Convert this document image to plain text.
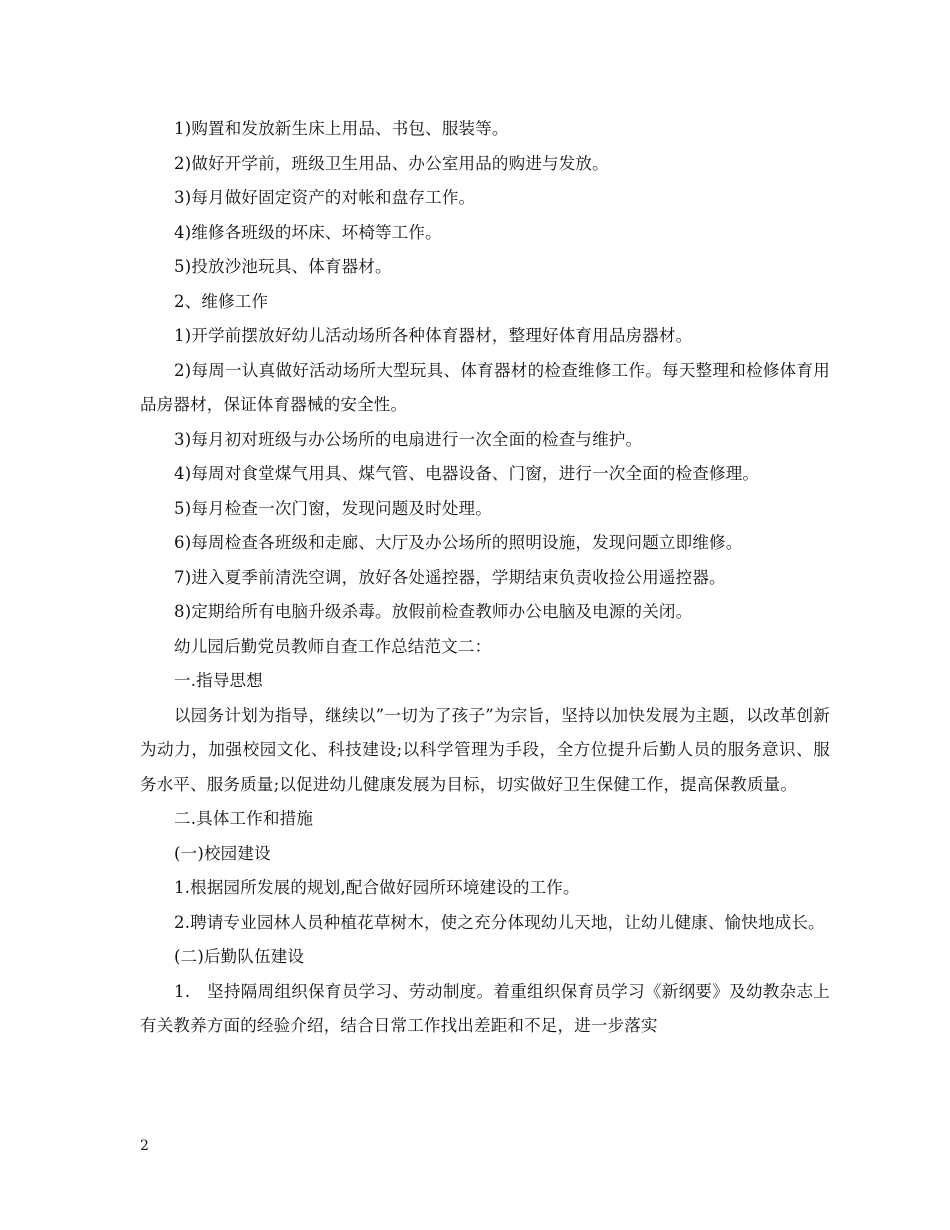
1)购置和发放新生床上用品、书包、服装等。

2)做好开学前，班级卫生用品、办公室用品的购进与发放。

3)每月做好固定资产的对帐和盘存工作。

4)维修各班级的坏床、坏椅等工作。

5)投放沙池玩具、体育器材。

2、维修工作

1)开学前摆放好幼儿活动场所各种体育器材，整理好体育用品房器材。

2)每周一认真做好活动场所大型玩具、体育器材的检查维修工作。每天整理和检修体育用品房器材，保证体育器械的安全性。

3)每月初对班级与办公场所的电扇进行一次全面的检查与维护。

4)每周对食堂煤气用具、煤气管、电器设备、门窗，进行一次全面的检查修理。

5)每月检查一次门窗，发现问题及时处理。

6)每周检查各班级和走廊、大厅及办公场所的照明设施，发现问题立即维修。

7)进入夏季前清洗空调，放好各处遥控器，学期结束负责收捡公用遥控器。

8)定期给所有电脑升级杀毒。放假前检查教师办公电脑及电源的关闭。

幼儿园后勤党员教师自查工作总结范文二：

一.指导思想

以园务计划为指导，继续以”一切为了孩子”为宗旨，坚持以加快发展为主题，以改革创新为动力，加强校园文化、科技建设;以科学管理为手段，全方位提升后勤人员的服务意识、服务水平、服务质量;以促进幼儿健康发展为目标，切实做好卫生保健工作，提高保教质量。

二.具体工作和措施

(一)校园建设

1.根据园所发展的规划,配合做好园所环境建设的工作。

2.聘请专业园林人员种植花草树木，使之充分体现幼儿天地，让幼儿健康、愉快地成长。

(二)后勤队伍建设

1.　坚持隔周组织保育员学习、劳动制度。着重组织保育员学习《新纲要》及幼教杂志上有关教养方面的经验介绍，结合日常工作找出差距和不足，进一步落实

2
